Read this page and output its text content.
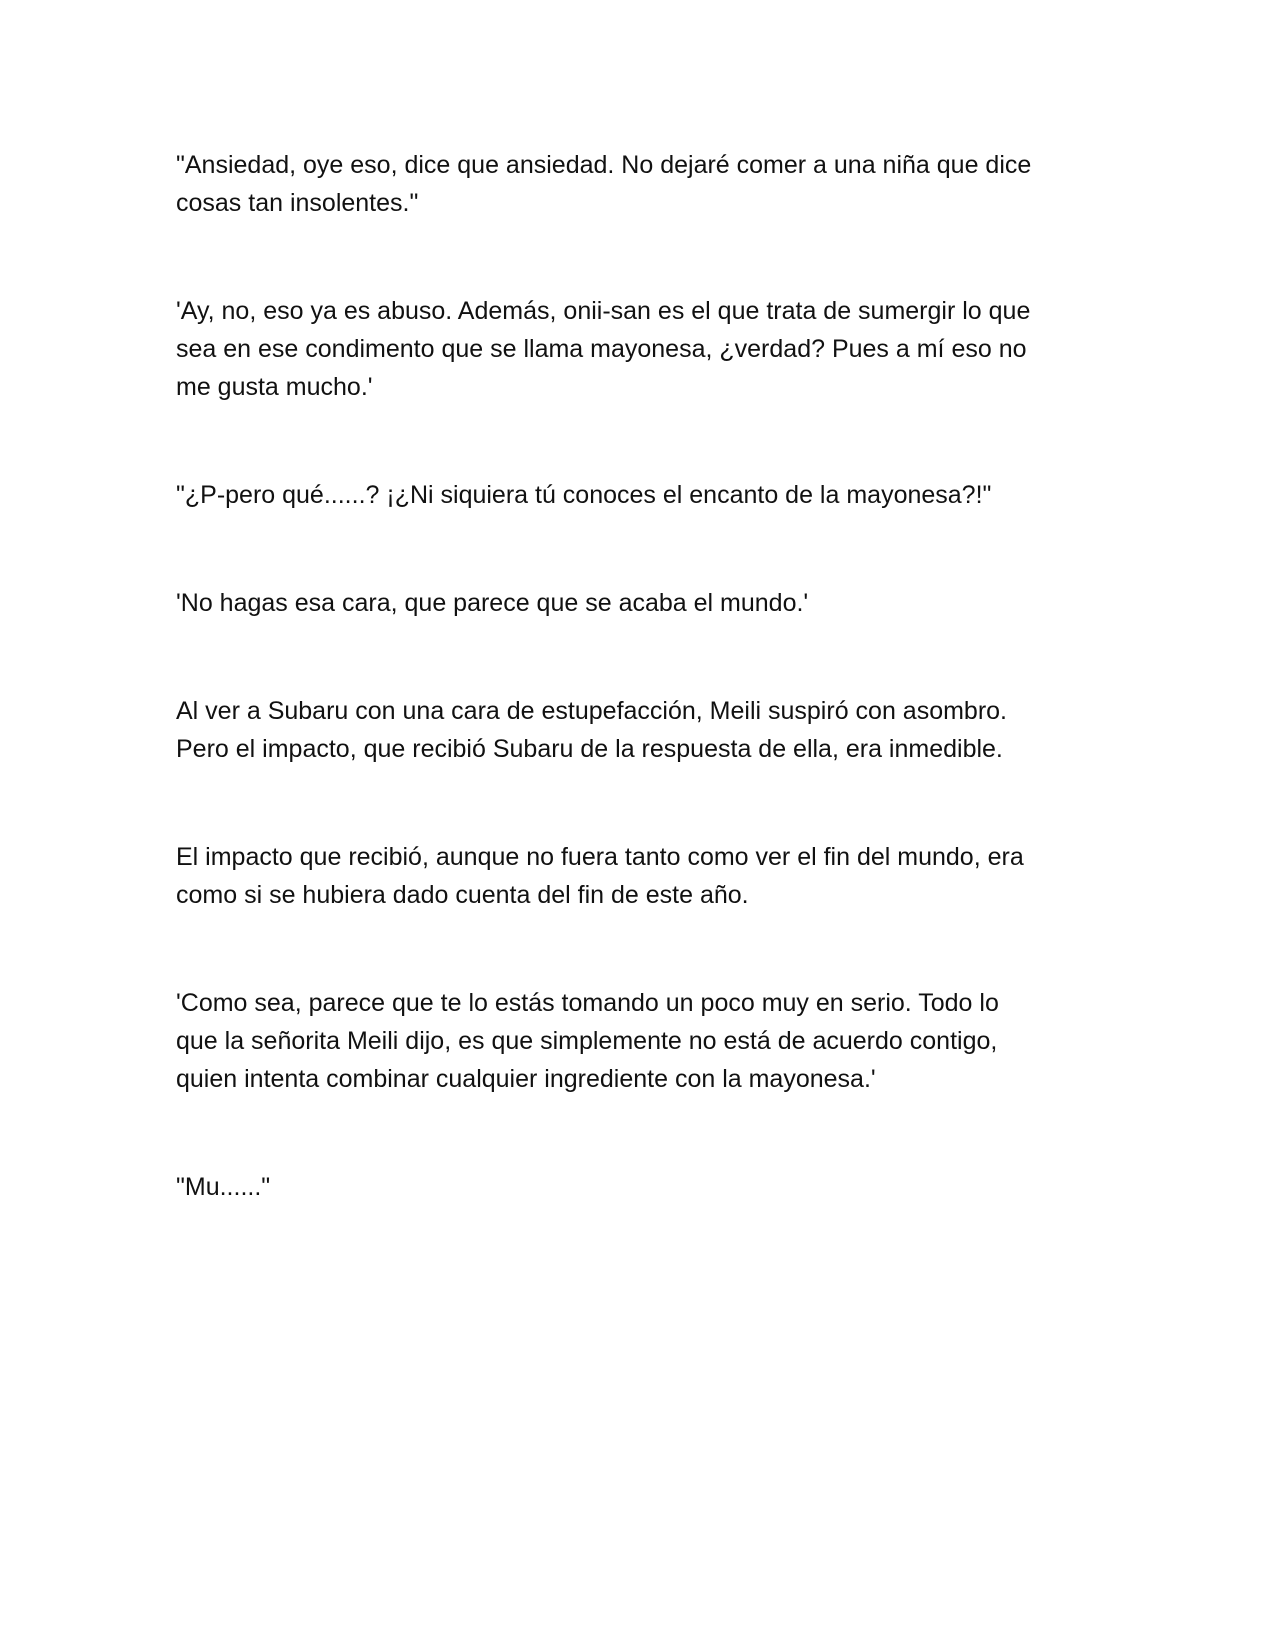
"Ansiedad, oye eso, dice que ansiedad. No dejaré comer a una niña que dice
cosas tan insolentes."

'Ay, no, eso ya es abuso. Además, onii-san es el que trata de sumergir lo que
sea en ese condimento que se llama mayonesa, ¿verdad? Pues a mí eso no
me gusta mucho.'

"¿P-pero qué......? ¡¿Ni siquiera tú conoces el encanto de la mayonesa?!"

'No hagas esa cara, que parece que se acaba el mundo.'

Al ver a Subaru con una cara de estupefacción, Meili suspiró con asombro.
Pero el impacto, que recibió Subaru de la respuesta de ella, era inmedible.

El impacto que recibió, aunque no fuera tanto como ver el fin del mundo, era
como si se hubiera dado cuenta del fin de este año.

'Como sea, parece que te lo estás tomando un poco muy en serio. Todo lo
que la señorita Meili dijo, es que simplemente no está de acuerdo contigo,
quien intenta combinar cualquier ingrediente con la mayonesa.'

"Mu......"
